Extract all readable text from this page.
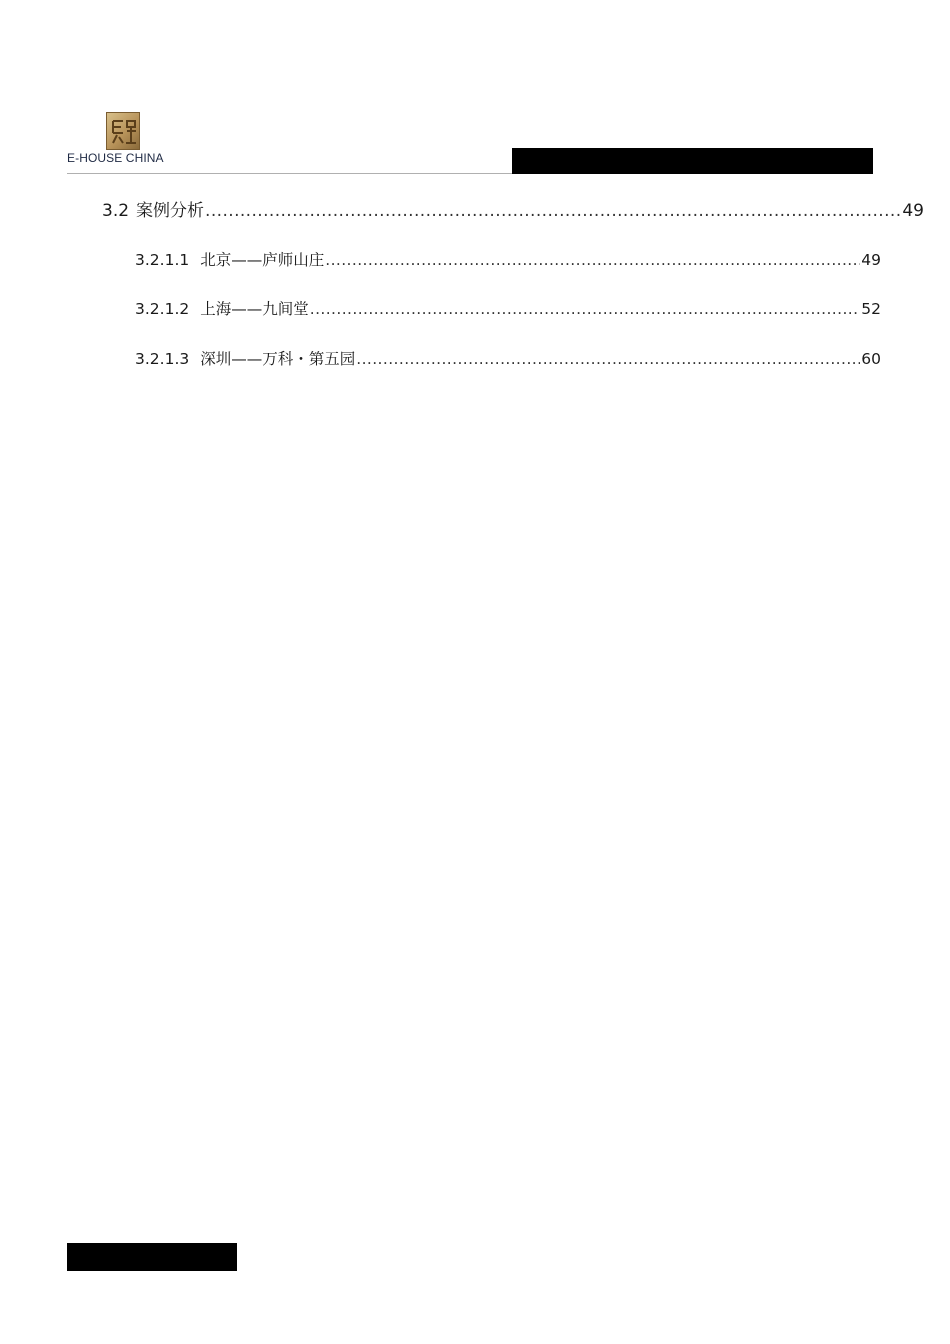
E-HOUSE CHINA
3.2 案例分析 .....	49
3.2.1.1 北京——庐师山庄 .....	49
3.2.1.2 上海——九间堂 .....	52
3.2.1.3 深圳——万科・第五园 .....	60
